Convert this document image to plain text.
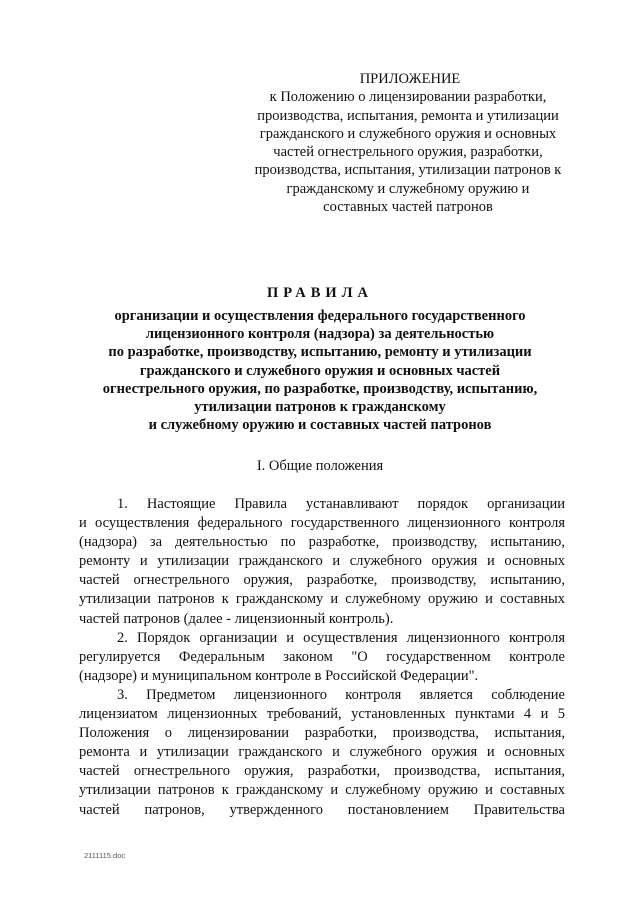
ПРИЛОЖЕНИЕ
к Положению о лицензировании разработки,
производства, испытания, ремонта и утилизации
гражданского и служебного оружия и основных
частей огнестрельного оружия, разработки,
производства, испытания, утилизации патронов к
гражданскому и служебному оружию и
составных частей патронов
ПРАВИЛА
организации и осуществления федерального государственного
лицензионного контроля (надзора) за деятельностью
по разработке, производству, испытанию, ремонту и утилизации
гражданского и служебного оружия и основных частей
огнестрельного оружия, по разработке, производству, испытанию,
утилизации патронов к гражданскому
и служебному оружию и составных частей патронов
I. Общие положения
1. Настоящие Правила устанавливают порядок организации
и осуществления федерального государственного лицензионного контроля
(надзора) за деятельностью по разработке, производству, испытанию,
ремонту и утилизации гражданского и служебного оружия и основных
частей огнестрельного оружия, разработке, производству, испытанию,
утилизации патронов к гражданскому и служебному оружию и составных
частей патронов (далее - лицензионный контроль).
2. Порядок организации и осуществления лицензионного контроля
регулируется Федеральным законом "О государственном контроле
(надзоре) и муниципальном контроле в Российской Федерации".
3. Предметом лицензионного контроля является соблюдение
лицензиатом лицензионных требований, установленных пунктами 4 и 5
Положения о лицензировании разработки, производства, испытания,
ремонта и утилизации гражданского и служебного оружия и основных
частей огнестрельного оружия, разработки, производства, испытания,
утилизации патронов к гражданскому и служебному оружию и составных
частей патронов, утвержденного постановлением Правительства
2111115.doc
